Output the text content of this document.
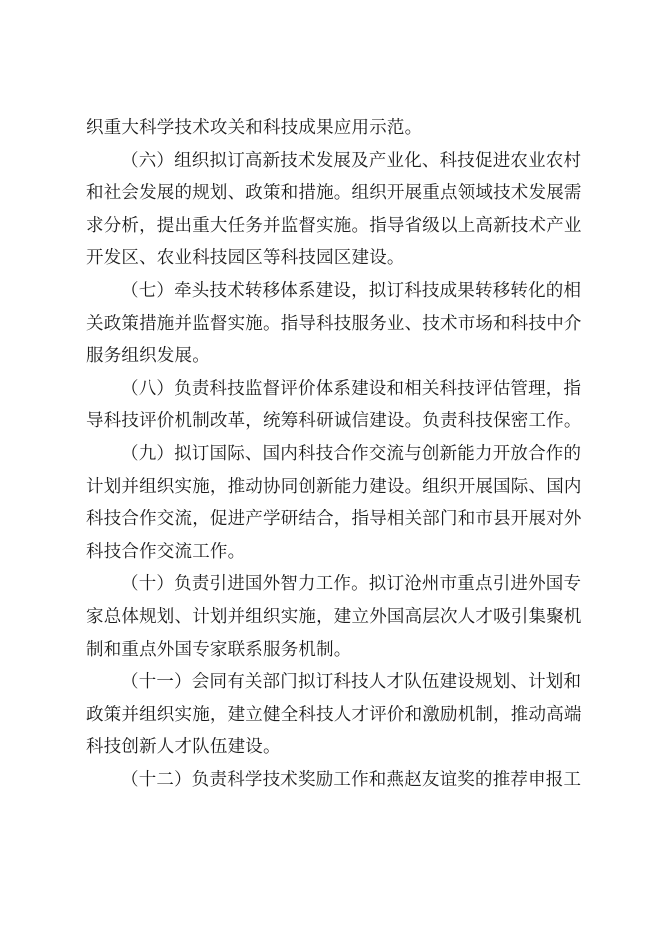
织重大科学技术攻关和科技成果应用示范。
（六）组织拟订高新技术发展及产业化、科技促进农业农村
和社会发展的规划、政策和措施。组织开展重点领域技术发展需
求分析，提出重大任务并监督实施。指导省级以上高新技术产业
开发区、农业科技园区等科技园区建设。
（七）牵头技术转移体系建设，拟订科技成果转移转化的相
关政策措施并监督实施。指导科技服务业、技术市场和科技中介
服务组织发展。
（八）负责科技监督评价体系建设和相关科技评估管理，指
导科技评价机制改革，统筹科研诚信建设。负责科技保密工作。
（九）拟订国际、国内科技合作交流与创新能力开放合作的
计划并组织实施，推动协同创新能力建设。组织开展国际、国内
科技合作交流，促进产学研结合，指导相关部门和市县开展对外
科技合作交流工作。
（十）负责引进国外智力工作。拟订沧州市重点引进外国专
家总体规划、计划并组织实施，建立外国高层次人才吸引集聚机
制和重点外国专家联系服务机制。
（十一）会同有关部门拟订科技人才队伍建设规划、计划和
政策并组织实施，建立健全科技人才评价和激励机制，推动高端
科技创新人才队伍建设。
（十二）负责科学技术奖励工作和燕赵友谊奖的推荐申报工
